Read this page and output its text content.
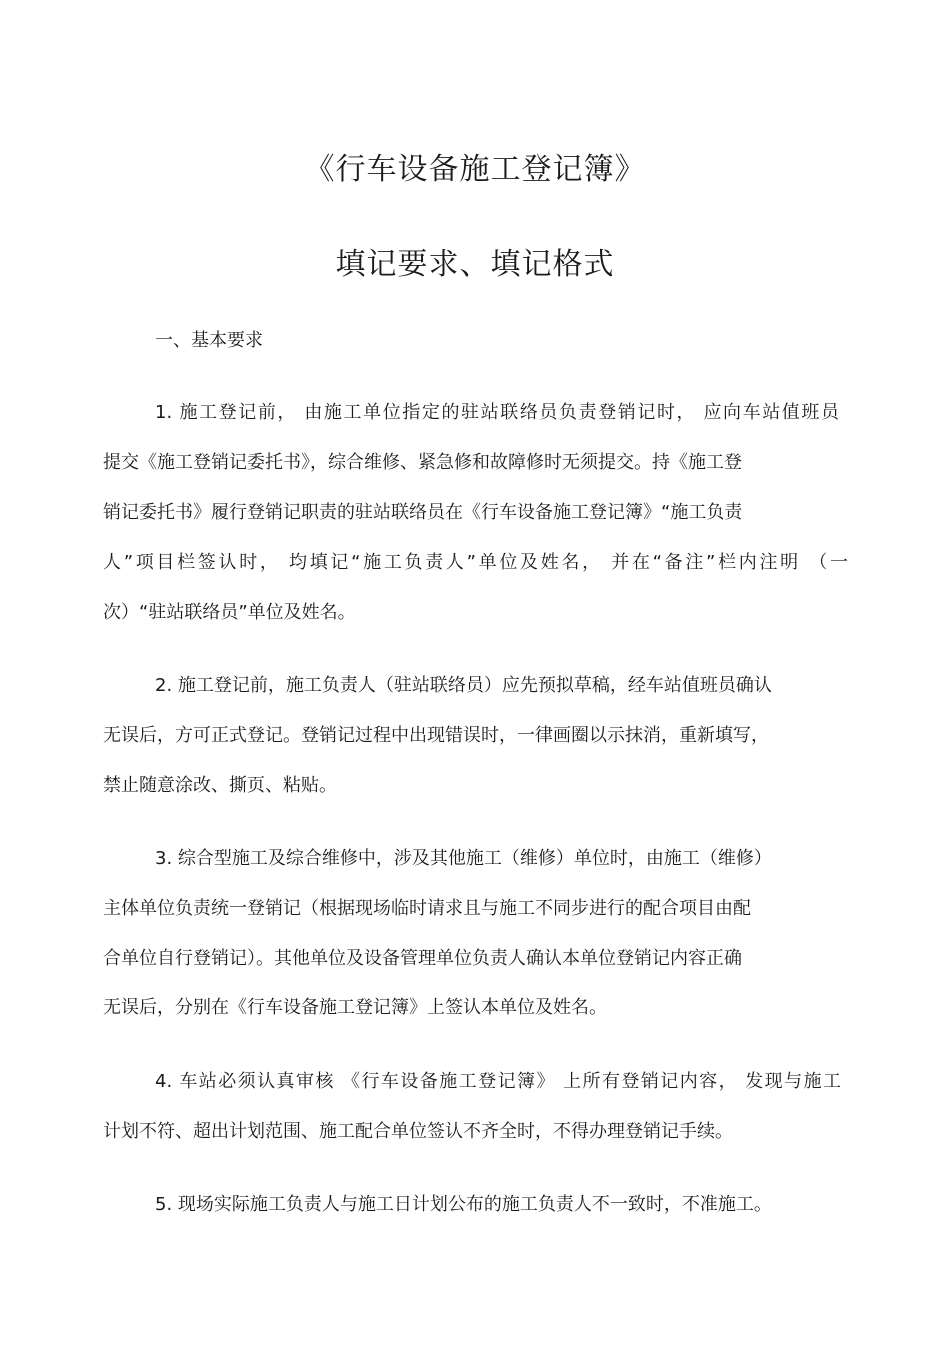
《行车设备施工登记簿》
填记要求、填记格式
一、基本要求
1. 施工登记前， 由施工单位指定的驻站联络员负责登销记时， 应向车站值班员
提交《施工登销记委托书》，综合维修、紧急修和故障修时无须提交。持《施工登
销记委托书》履行登销记职责的驻站联络员在《行车设备施工登记簿》“施工负责
人”项目栏签认时， 均填记“施工负责人”单位及姓名， 并在“备注”栏内注明 （一
次）“驻站联络员”单位及姓名。
2. 施工登记前，施工负责人（驻站联络员）应先预拟草稿，经车站值班员确认
无误后，方可正式登记。登销记过程中出现错误时，一律画圈以示抹消，重新填写，
禁止随意涂改、撕页、粘贴。
3. 综合型施工及综合维修中，涉及其他施工（维修）单位时，由施工（维修）
主体单位负责统一登销记（根据现场临时请求且与施工不同步进行的配合项目由配
合单位自行登销记）。其他单位及设备管理单位负责人确认本单位登销记内容正确
无误后，分别在《行车设备施工登记簿》上签认本单位及姓名。
4. 车站必须认真审核 《行车设备施工登记簿》 上所有登销记内容， 发现与施工
计划不符、超出计划范围、施工配合单位签认不齐全时，不得办理登销记手续。
5. 现场实际施工负责人与施工日计划公布的施工负责人不一致时，不准施工。
